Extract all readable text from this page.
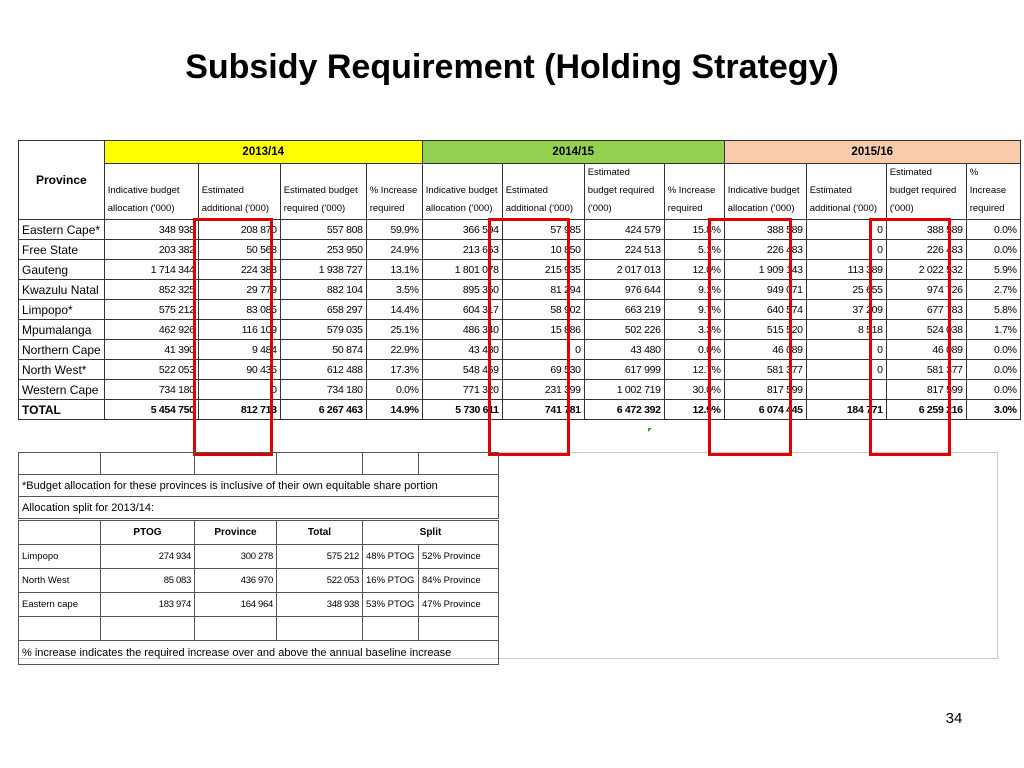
Subsidy Requirement (Holding Strategy)
Province	2013/14				2014/15				2015/16			
	Indicative budget allocation ('000)	Estimated additional ('000)	Estimated budget required ('000)	% Increase required	Indicative budget allocation ('000)	Estimated additional ('000)	Estimated budget required ('000)	% Increase required	Indicative budget allocation ('000)	Estimated additional ('000)	Estimated budget required ('000)	% Increase required
Eastern Cape*	348 938	208 870	557 808	59.9%	366 594	57 985	424 579	15.8%	388 589	0	388 589	0.0%
Free State	203 382	50 568	253 950	24.9%	213 663	10 850	224 513	5.1%	226 483	0	226 483	0.0%
Gauteng	1 714 344	224 383	1 938 727	13.1%	1 801 078	215 935	2 017 013	12.0%	1 909 143	113 389	2 022 532	5.9%
Kwazulu Natal	852 325	29 779	882 104	3.5%	895 350	81 294	976 644	9.1%	949 071	25 655	974 726	2.7%
Limpopo*	575 212	83 085	658 297	14.4%	604 317	58 902	663 219	9.7%	640 574	37 209	677 783	5.8%
Mpumalanga	462 926	116 109	579 035	25.1%	486 340	15 886	502 226	3.3%	515 520	8 518	524 038	1.7%
Northern Cape	41 390	9 484	50 874	22.9%	43 480	0	43 480	0.0%	46 089	0	46 089	0.0%
North West*	522 053	90 435	612 488	17.3%	548 469	69 530	617 999	12.7%	581 377	0	581 377	0.0%
Western Cape	734 180	0	734 180	0.0%	771 320	231 399	1 002 719	30.0%	817 599		817 599	0.0%
TOTAL	5 454 750	812 713	6 267 463	14.9%	5 730 611	741 781	6 472 392	12.9%	6 074 445	184 771	6 259 216	3.0%

*Budget allocation for these provinces is inclusive of their own equitable share portion
Allocation split for 2013/14:
	PTOG	Province	Total	Split	
Limpopo	274 934	300 278	575 212	48% PTOG	52% Province
North West	85 083	436 970	522 053	16% PTOG	84% Province
Eastern cape	183 974	164 964	348 938	53% PTOG	47% Province

% increase indicates the required increase over and above the annual baseline increase					
34
